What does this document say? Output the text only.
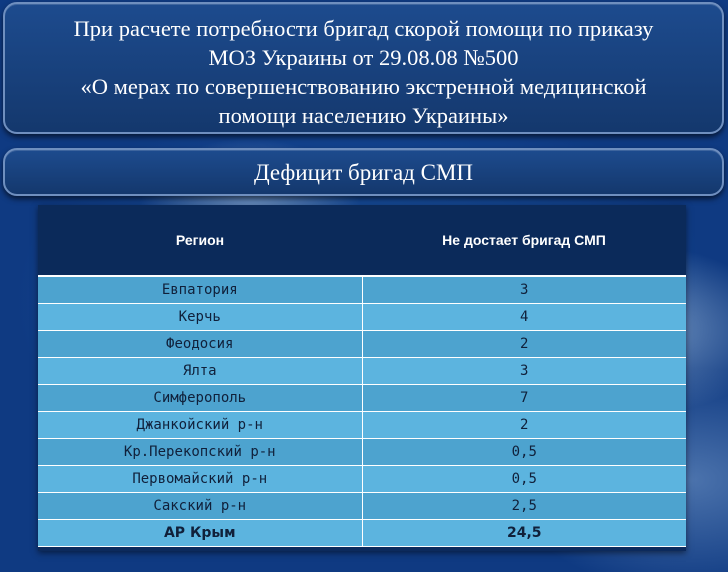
При расчете потребности бригад скорой помощи по приказу
МОЗ Украины от 29.08.08 №500
«О мерах по совершенствованию экстренной медицинской
помощи населению Украины»
Дефицит бригад СМП
Регион	Не достает бригад СМП
Евпатория	3
Керчь	4
Феодосия	2
Ялта	3
Симферополь	7
Джанкойский р-н	2
Кр.Перекопский р-н	0,5
Первомайский р-н	0,5
Сакский р-н	2,5
АР Крым	24,5
